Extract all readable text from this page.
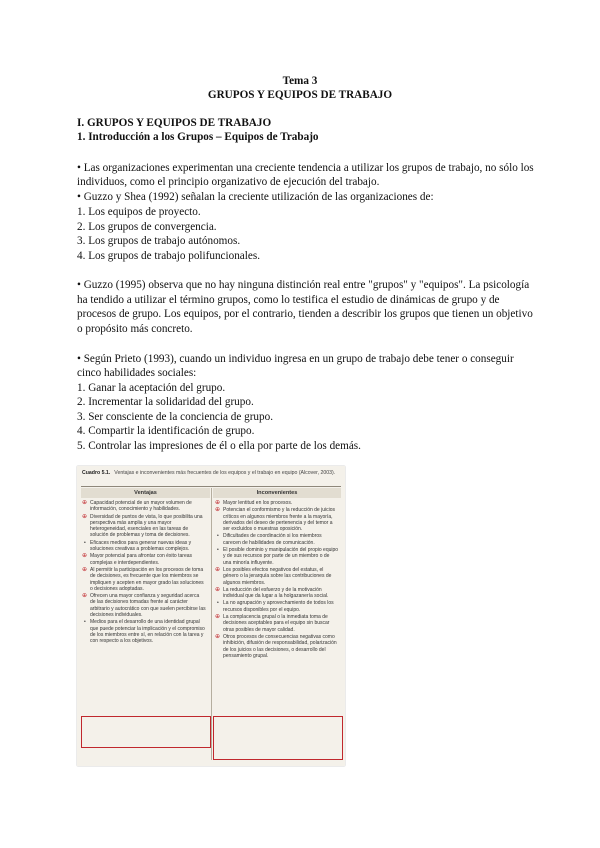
Tema 3
GRUPOS Y EQUIPOS DE TRABAJO
I. GRUPOS Y EQUIPOS DE TRABAJO
1. Introducción a los Grupos – Equipos de Trabajo
• Las organizaciones experimentan una creciente tendencia a utilizar los grupos de trabajo, no sólo los
individuos, como el principio organizativo de ejecución del trabajo.
• Guzzo y Shea (1992) señalan la creciente utilización de las organizaciones de:
1. Los equipos de proyecto.
2. Los grupos de convergencia.
3. Los grupos de trabajo autónomos.
4. Los grupos de trabajo polifuncionales.
• Guzzo (1995) observa que no hay ninguna distinción real entre "grupos" y "equipos". La psicología
ha tendido a utilizar el término grupos, como lo testifica el estudio de dinámicas de grupo y de
procesos de grupo. Los equipos, por el contrario, tienden a describir los grupos que tienen un objetivo
o propósito más concreto.
• Según Prieto (1993), cuando un individuo ingresa en un grupo de trabajo debe tener o conseguir
cinco habilidades sociales:
1. Ganar la aceptación del grupo.
2. Incrementar la solidaridad del grupo.
3. Ser consciente de la conciencia de grupo.
4. Compartir la identificación de grupo.
5. Controlar las impresiones de él o ella por parte de los demás.
Cuadro 5.1. Ventajas e inconvenientes más frecuentes de los equipos y el trabajo en equipo (Alcover, 2003).
Ventajas	Inconvenientes
⊕ Capacidad potencial de un mayor volumen de información, conocimiento y habilidades.
⊕ Diversidad de puntos de vista, lo que posibilita una perspectiva más amplia y una mayor heterogeneidad, esenciales en las tareas de solución de problemas y toma de decisiones.
• Eficaces medios para generar nuevas ideas y soluciones creativas a problemas complejos.
⊕ Mayor potencial para afrontar con éxito tareas complejas e interdependientes.
⊕ Al permitir la participación en los procesos de toma de decisiones, es frecuente que los miembros se impliquen y acepten en mayor grado las soluciones o decisiones adoptadas.
⊕ Ofrecen una mayor confianza y seguridad acerca de las decisiones tomadas frente al carácter arbitrario y autocrático con que suelen percibirse las decisiones individuales.
• Medios para el desarrollo de una identidad grupal que puede potenciar la implicación y el compromiso de los miembros entre sí, en relación con la tarea y con respecto a los objetivos.
⊕ Mayor lentitud en los procesos.
⊕ Potencian el conformismo y la reducción de juicios críticos en algunos miembros frente a la mayoría, derivados del deseo de pertenencia y del temor a ser excluidos o muestras oposición.
• Dificultades de coordinación si los miembros carecen de habilidades de comunicación.
• El posible dominio y manipulación del propio equipo y de sus recursos por parte de un miembro o de una minoría influyente.
⊕ Los posibles efectos negativos del estatus, el género o la jerarquía sobre las contribuciones de algunos miembros.
⊕ La reducción del esfuerzo y de la motivación individual que da lugar a la holgazanería social.
• La no agrupación y aprovechamiento de todos los recursos disponibles por el equipo.
⊕ La complacencia grupal o la inmediata toma de decisiones aceptables para el equipo sin buscar otras posibles de mayor calidad.
⊕ Otros procesos de consecuencias negativas como inhibición, difusión de responsabilidad, polarización de los juicios o las decisiones, o desarrollo del pensamiento grupal.
